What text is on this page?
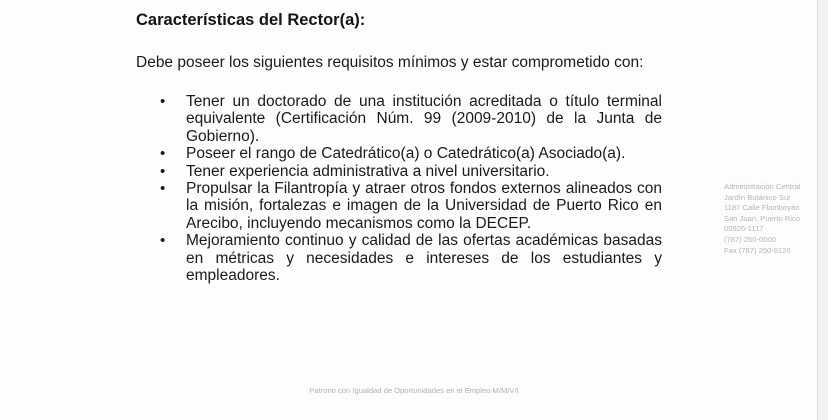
Características del Rector(a):

Debe poseer los siguientes requisitos mínimos y estar comprometido con:

• Tener un doctorado de una institución acreditada o título terminal equivalente (Certificación Núm. 99 (2009-2010) de la Junta de Gobierno).
• Poseer el rango de Catedrático(a) o Catedrático(a) Asociado(a).
• Tener experiencia administrativa a nivel universitario.
• Propulsar la Filantropía y atraer otros fondos externos alineados con la misión, fortalezas e imagen de la Universidad de Puerto Rico en Arecibo, incluyendo mecanismos como la DECEP.
• Mejoramiento continuo y calidad de las ofertas académicas basadas en métricas y necesidades e intereses de los estudiantes y empleadores.
Administración Central
Jardín Botánico Sur
1187 Calle Flamboyán
San Juan, Puerto Rico
00926-1117
(787) 250-0000
Fax (787) 250-6120
Patrono con Igualdad de Oportunidades en el Empleo M/M/V/I
